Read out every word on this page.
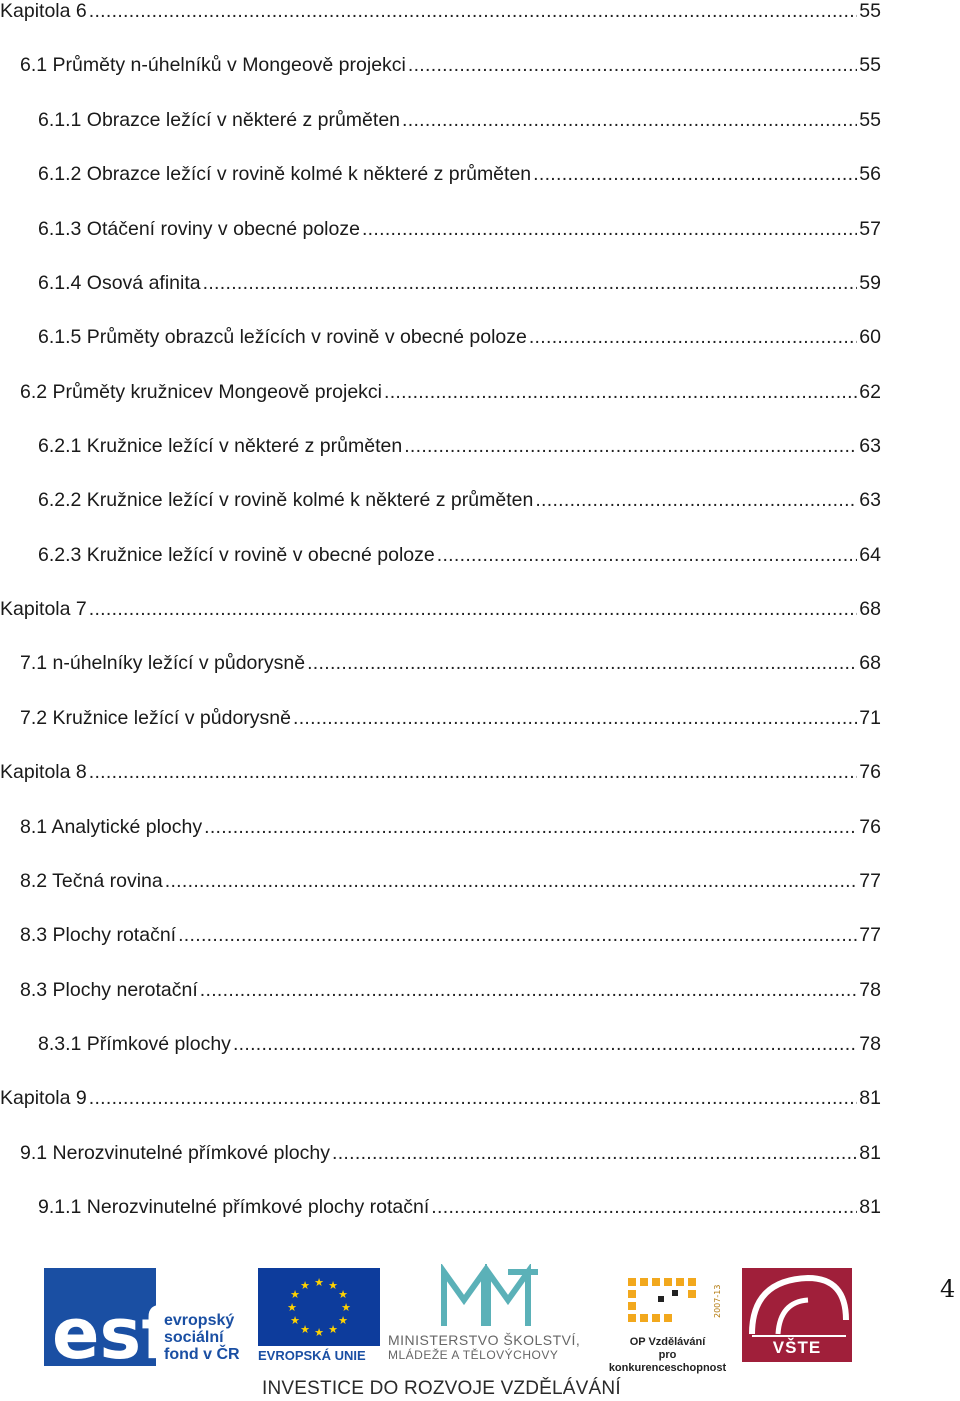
Kapitola 6 .....	55
6.1 Průměty n-úhelníků v Mongeově projekci .....	55
6.1.1 Obrazce ležící v některé z průměten .....	55
6.1.2 Obrazce ležící v rovině kolmé k některé z průměten .....	56
6.1.3 Otáčení roviny v obecné poloze .....	57
6.1.4 Osová afinita .....	59
6.1.5 Průměty obrazců ležících v rovině v obecné poloze .....	60
6.2 Průměty kružnicev Mongeově projekci .....	62
6.2.1 Kružnice ležící v některé z průměten .....	63
6.2.2 Kružnice ležící v rovině kolmé k některé z průměten .....	63
6.2.3 Kružnice ležící v rovině v obecné poloze .....	64
Kapitola 7 .....	68
7.1 n-úhelníky ležící v půdorysně .....	68
7.2 Kružnice ležící v půdorysně .....	71
Kapitola 8 .....	76
8.1 Analytické plochy .....	76
8.2 Tečná rovina .....	77
8.3 Plochy rotační .....	77
8.3 Plochy nerotační .....	78
8.3.1 Přímkové plochy .....	78
Kapitola 9 .....	81
9.1 Nerozvinutelné přímkové plochy .....	81
9.1.1 Nerozvinutelné přímkové plochy rotační .....	81
4
esf
evropský
sociální
fond v ČR
★ ★
★
★
★
★
★
★
★
★
★
★
EVROPSKÁ UNIE
MINISTERSTVO ŠKOLSTVÍ,
MLÁDEŽE A TĚLOVÝCHOVY
2007-13
OP Vzdělávání
pro konkurenceschopnost
VŠTE
INVESTICE DO ROZVOJE VZDĚLÁVÁNÍ
